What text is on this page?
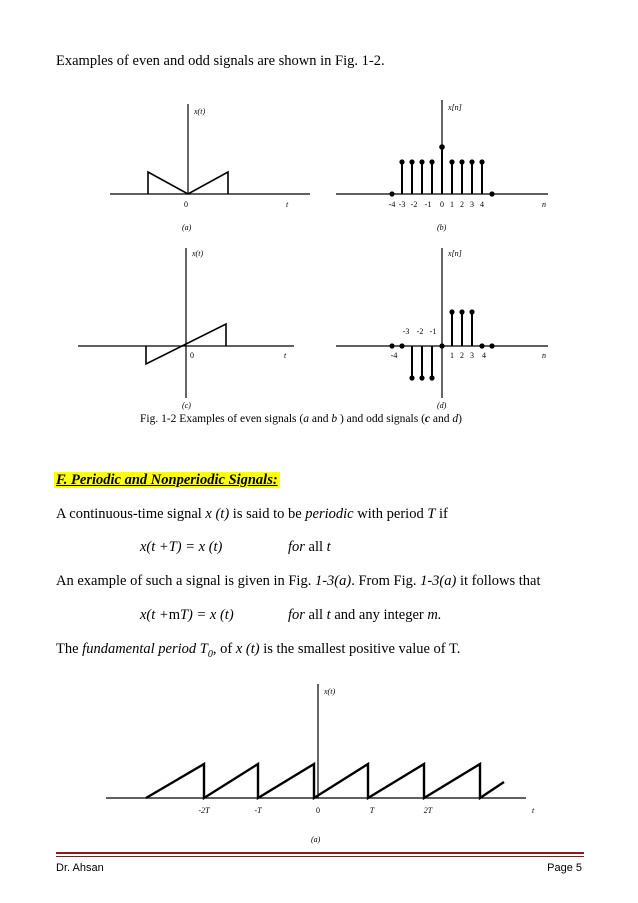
Examples of even and odd signals are shown in Fig. 1-2.
x(t)
0	t
(a)
x[n]
-4 -3 -2 -1 0 1 2 3 4	n
(b)
x(t)
0	t
(c)
x[n]
-3 -2 -1
-4	1 2 3 4	n
(d)
Fig. 1-2 Examples of even signals (a and b ) and odd signals (c and d)
F. Periodic and Nonperiodic Signals:
A continuous-time signal x (t) is said to be periodic with period T if
x(t +T) = x (t)	for all t
An example of such a signal is given in Fig. 1-3(a). From Fig. 1-3(a) it follows that
x(t +mT) = x (t)	for all t and any integer m.
The fundamental period $T_0$, of x (t) is the smallest positive value of T.
x(t)
-2T	-T	0	T	2T	t
(a)
Dr. Ahsan	Page 5
